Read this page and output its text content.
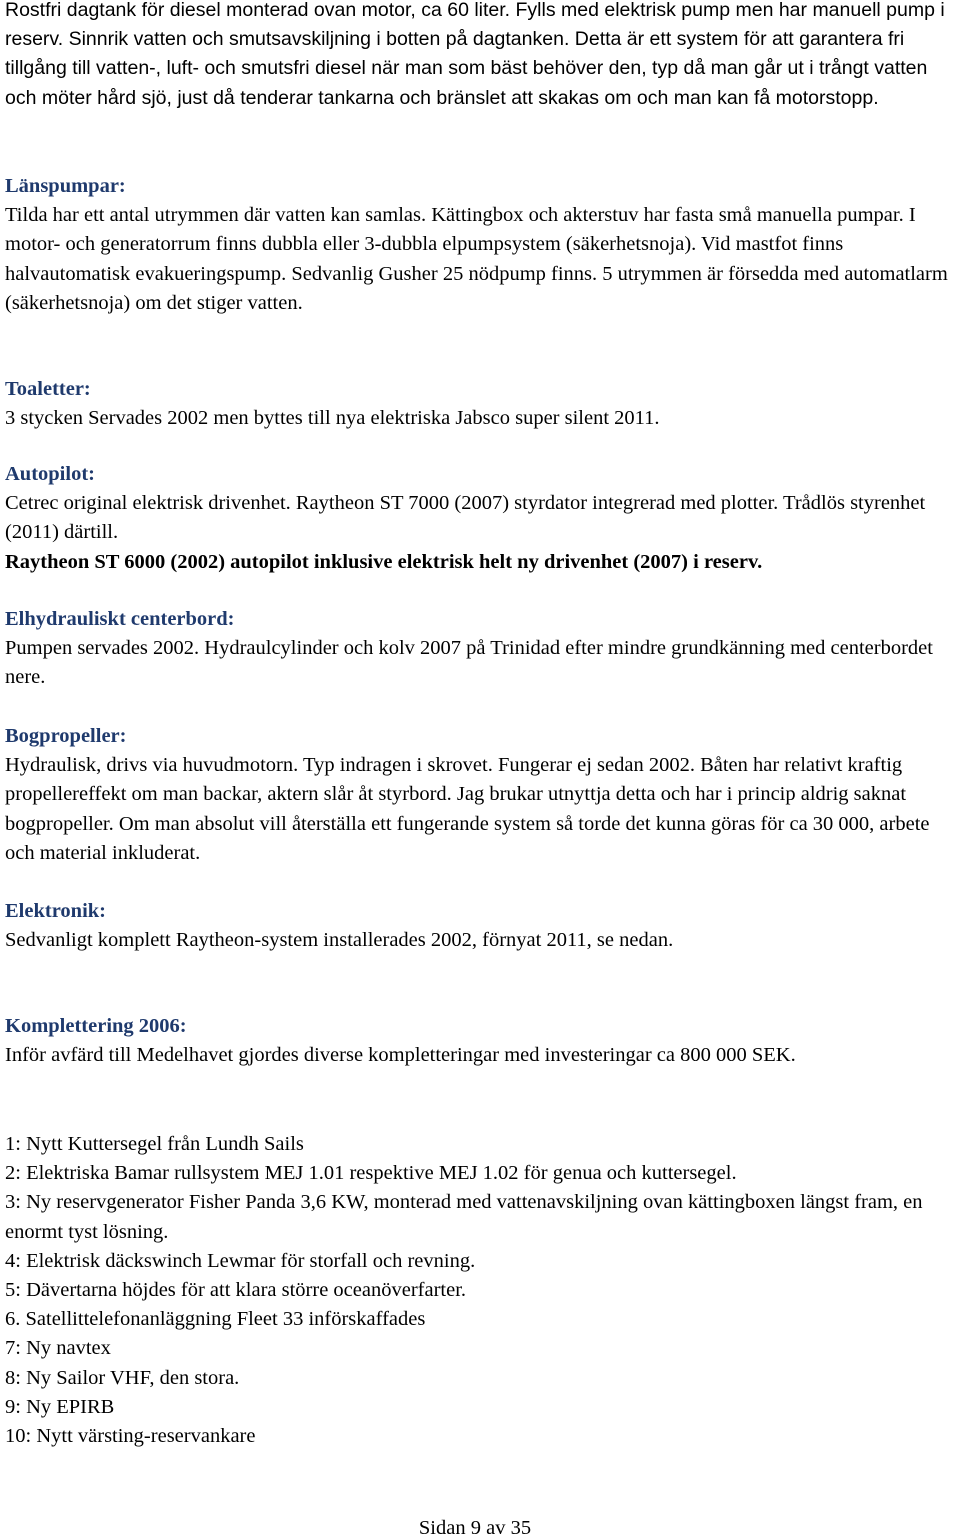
Rostfri dagtank för diesel monterad ovan motor, ca 60 liter. Fylls med elektrisk pump men har manuell pump i reserv. Sinnrik vatten och smutsavskiljning i botten på dagtanken. Detta är ett system för att garantera fri tillgång till vatten-, luft- och smutsfri diesel när man som bäst behöver den, typ då man går ut i trångt vatten och möter hård sjö, just då tenderar tankarna och bränslet att skakas om och man kan få motorstopp.

Länspumpar:
Tilda har ett antal utrymmen där vatten kan samlas. Kättingbox och akterstuv har fasta små manuella pumpar. I motor- och generatorrum finns dubbla eller 3-dubbla elpumpsystem (säkerhetsnoja). Vid mastfot finns halvautomatisk evakueringspump. Sedvanlig Gusher 25 nödpump finns. 5 utrymmen är försedda med automatlarm (säkerhetsnoja) om det stiger vatten.
Toaletter:
3 stycken Servades 2002 men byttes till nya elektriska Jabsco super silent 2011.
Autopilot:
Cetrec original elektrisk drivenhet. Raytheon ST 7000 (2007) styrdator integrerad med plotter. Trådlös styrenhet (2011) därtill.
Raytheon ST 6000 (2002) autopilot inklusive elektrisk helt ny drivenhet (2007) i reserv.
Elhydrauliskt centerbord:
Pumpen servades 2002. Hydraulcylinder och kolv 2007 på Trinidad efter mindre grundkänning med centerbordet nere.
Bogpropeller:
Hydraulisk, drivs via huvudmotorn. Typ indragen i skrovet. Fungerar ej sedan 2002. Båten har relativt kraftig propellereffekt om man backar, aktern slår åt styrbord. Jag brukar utnyttja detta och har i princip aldrig saknat bogpropeller. Om man absolut vill återställa ett fungerande system så torde det kunna göras för ca 30 000, arbete och material inkluderat.
Elektronik:
Sedvanligt komplett Raytheon-system installerades 2002, förnyat 2011, se nedan.
Komplettering 2006:
Inför avfärd till Medelhavet gjordes diverse kompletteringar med investeringar ca 800 000 SEK.
1: Nytt Kuttersegel från Lundh Sails
2: Elektriska Bamar rullsystem MEJ 1.01 respektive MEJ 1.02 för genua och kuttersegel.
3: Ny reservgenerator Fisher Panda 3,6 KW, monterad med vattenavskiljning ovan kättingboxen längst fram, en enormt tyst lösning.
4: Elektrisk däckswinch Lewmar för storfall och revning.
5: Dävertarna höjdes för att klara större oceanöverfarter.
6. Satellittelefonanläggning Fleet 33 införskaffades
7: Ny navtex
8: Ny Sailor VHF, den stora.
9: Ny EPIRB
10: Nytt värsting-reservankare
Sidan 9 av 35
